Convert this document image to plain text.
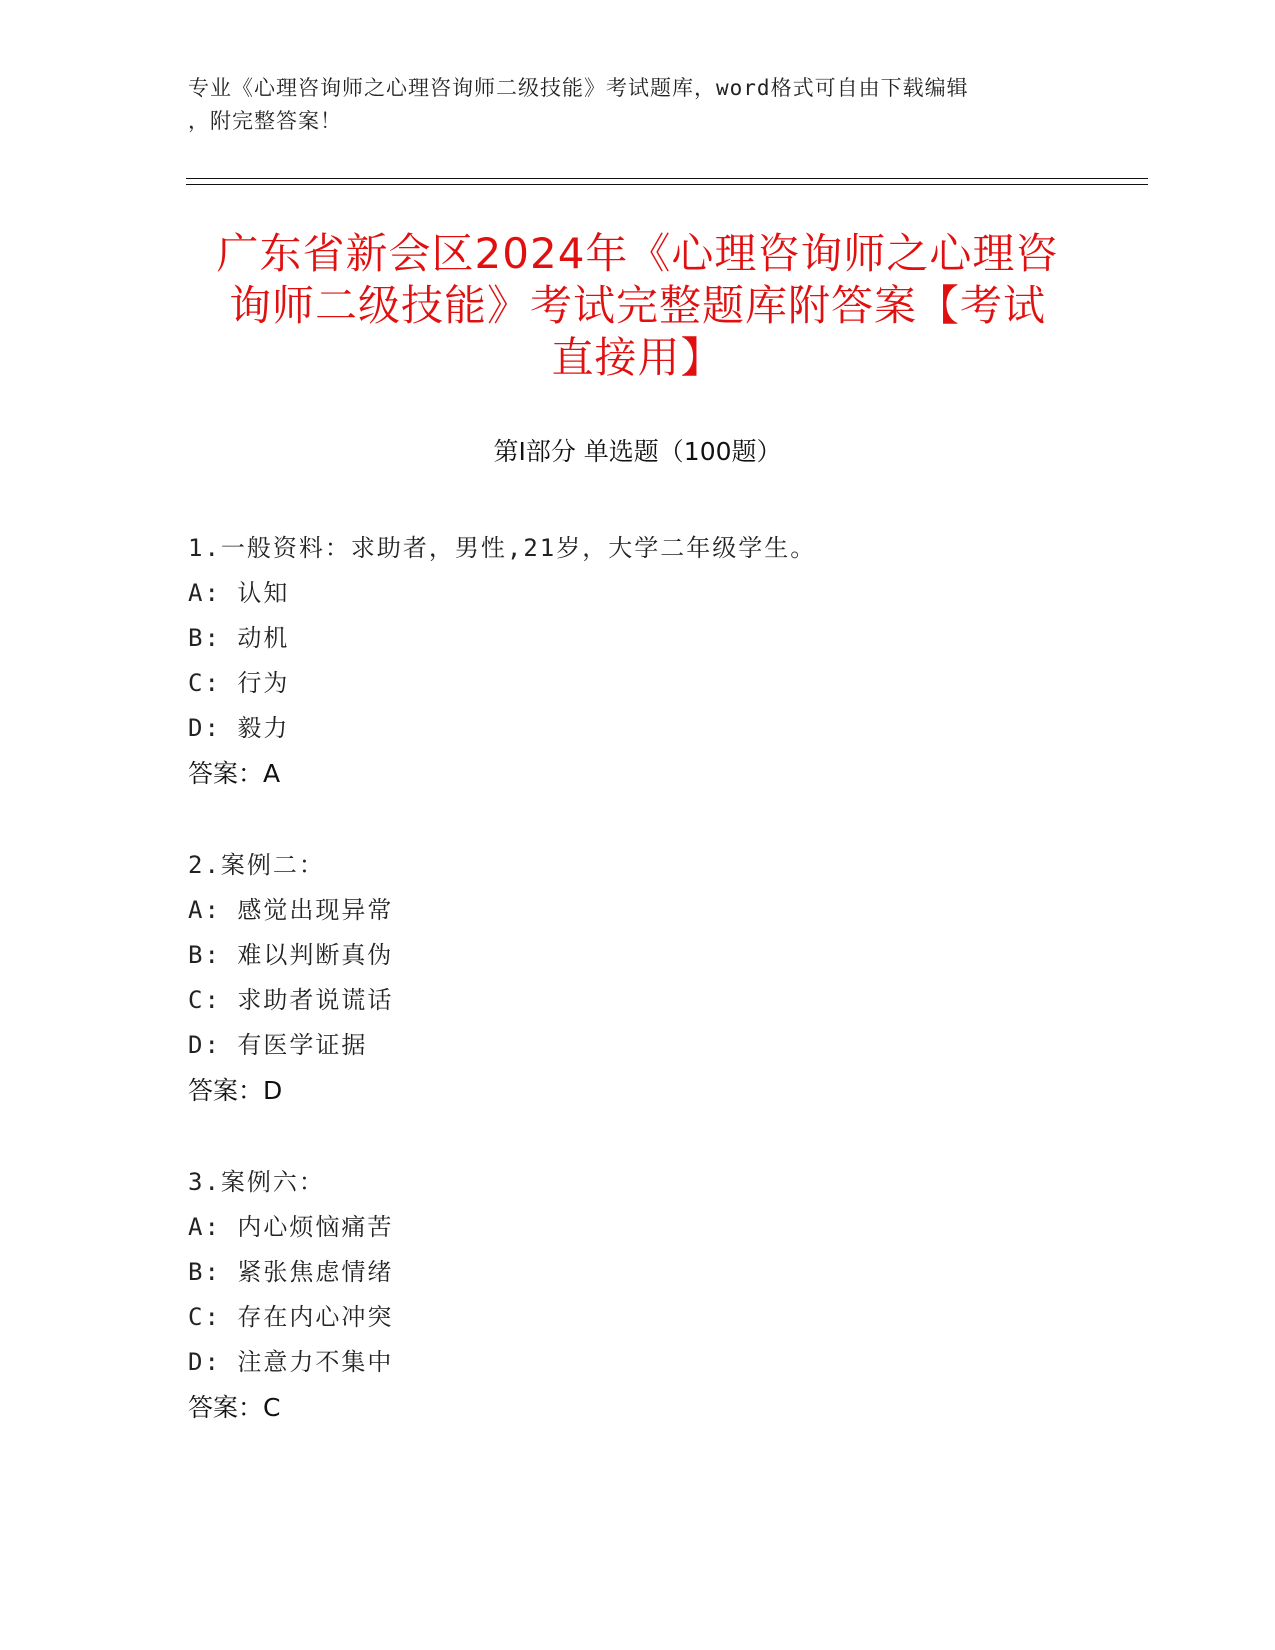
专业《心理咨询师之心理咨询师二级技能》考试题库，word格式可自由下载编辑
，附完整答案！
广东省新会区2024年《心理咨询师之心理咨
询师二级技能》考试完整题库附答案【考试
直接用】
第Ⅰ部分 单选题（100题）
1.一般资料：求助者，男性,21岁，大学二年级学生。
A: 认知
B: 动机
C: 行为
D: 毅力
答案：A
2.案例二：
A: 感觉出现异常
B: 难以判断真伪
C: 求助者说谎话
D: 有医学证据
答案：D
3.案例六：
A: 内心烦恼痛苦
B: 紧张焦虑情绪
C: 存在内心冲突
D: 注意力不集中
答案：C
